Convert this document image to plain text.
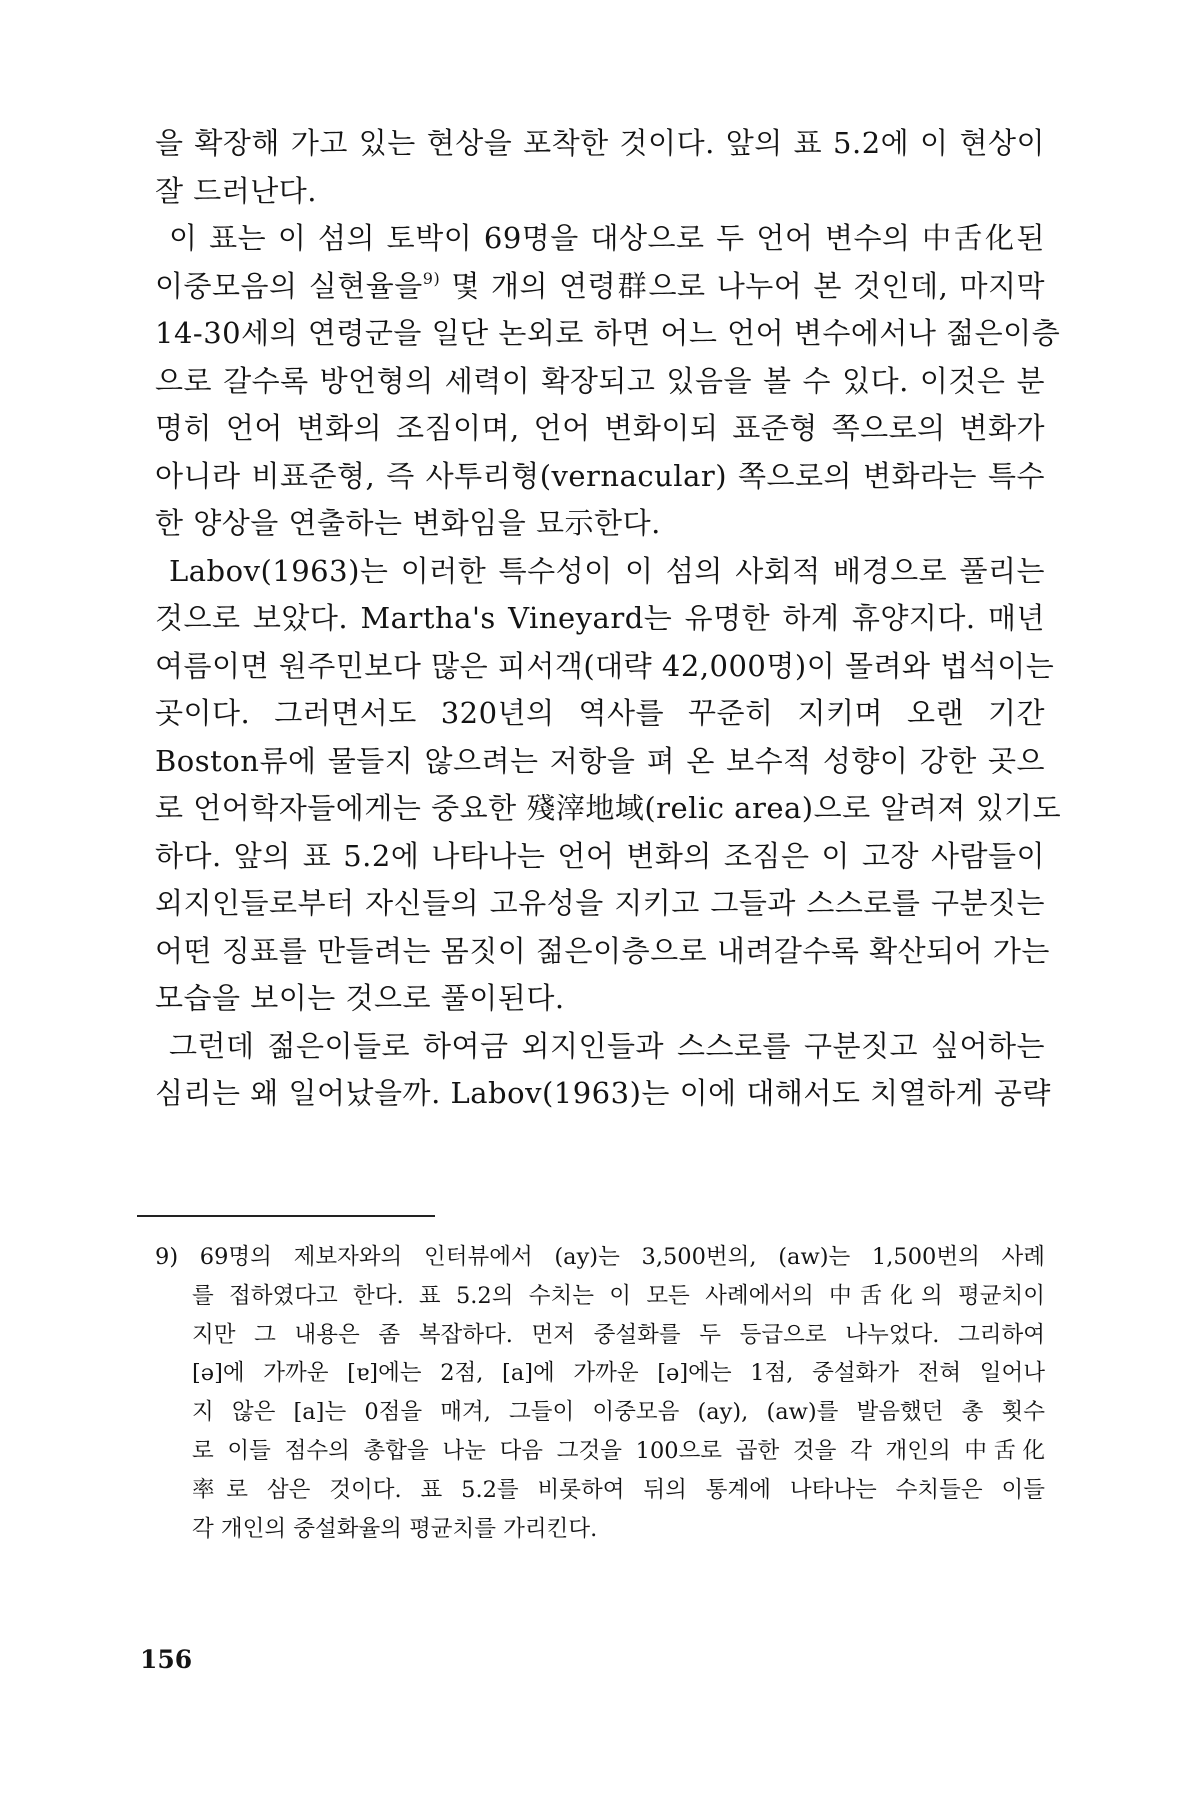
을 확장해 가고 있는 현상을 포착한 것이다. 앞의 표 5.2에 이 현상이
잘 드러난다.
이 표는 이 섬의 토박이 69명을 대상으로 두 언어 변수의 中舌化된
이중모음의 실현율을$^{9)}$ 몇 개의 연령群으로 나누어 본 것인데, 마지막
14-30세의 연령군을 일단 논외로 하면 어느 언어 변수에서나 젊은이층
으로 갈수록 방언형의 세력이 확장되고 있음을 볼 수 있다. 이것은 분
명히 언어 변화의 조짐이며, 언어 변화이되 표준형 쪽으로의 변화가
아니라 비표준형, 즉 사투리형(vernacular) 쪽으로의 변화라는 특수
한 양상을 연출하는 변화임을 묘示한다.
Labov(1963)는 이러한 특수성이 이 섬의 사회적 배경으로 풀리는
것으로 보았다. Martha's Vineyard는 유명한 하계 휴양지다. 매년
여름이면 원주민보다 많은 피서객(대략 42,000명)이 몰려와 법석이는
곳이다. 그러면서도 320년의 역사를 꾸준히 지키며 오랜 기간
Boston류에 물들지 않으려는 저항을 펴 온 보수적 성향이 강한 곳으
로 언어학자들에게는 중요한 殘滓地域(relic area)으로 알려져 있기도
하다. 앞의 표 5.2에 나타나는 언어 변화의 조짐은 이 고장 사람들이
외지인들로부터 자신들의 고유성을 지키고 그들과 스스로를 구분짓는
어떤 징표를 만들려는 몸짓이 젊은이층으로 내려갈수록 확산되어 가는
모습을 보이는 것으로 풀이된다.
그런데 젊은이들로 하여금 외지인들과 스스로를 구분짓고 싶어하는
심리는 왜 일어났을까. Labov(1963)는 이에 대해서도 치열하게 공략
9) 69명의 제보자와의 인터뷰에서 (ay)는 3,500번의, (aw)는 1,500번의 사례
를 접하였다고 한다. 표 5.2의 수치는 이 모든 사례에서의 中舌化의 평균치이
지만 그 내용은 좀 복잡하다. 먼저 중설화를 두 등급으로 나누었다. 그리하여
[ə]에 가까운 [ɐ]에는 2점, [a]에 가까운 [ə]에는 1점, 중설화가 전혀 일어나
지 않은 [a]는 0점을 매겨, 그들이 이중모음 (ay), (aw)를 발음했던 총 횟수
로 이들 점수의 총합을 나눈 다음 그것을 100으로 곱한 것을 각 개인의 中舌化
率로 삼은 것이다. 표 5.2를 비롯하여 뒤의 통계에 나타나는 수치들은 이들
각 개인의 중설화율의 평균치를 가리킨다.
156
